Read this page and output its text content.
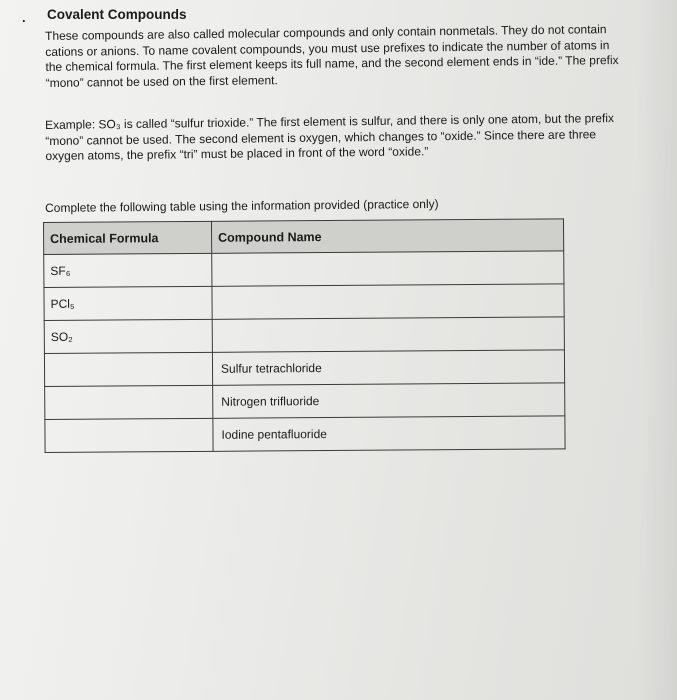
. Covalent Compounds

These compounds are also called molecular compounds and only contain nonmetals. They do not contain cations or anions. To name covalent compounds, you must use prefixes to indicate the number of atoms in the chemical formula. The first element keeps its full name, and the second element ends in “ide.” The prefix “mono” cannot be used on the first element.

Example: SO₃ is called “sulfur trioxide.” The first element is sulfur, and there is only one atom, but the prefix “mono” cannot be used. The second element is oxygen, which changes to “oxide.” Since there are three oxygen atoms, the prefix “tri” must be placed in front of the word “oxide.”

Complete the following table using the information provided (practice only)

Chemical Formula	Compound Name
SF₆	
PCl₅	
SO₂	
	Sulfur tetrachloride
	Nitrogen trifluoride
	Iodine pentafluoride
